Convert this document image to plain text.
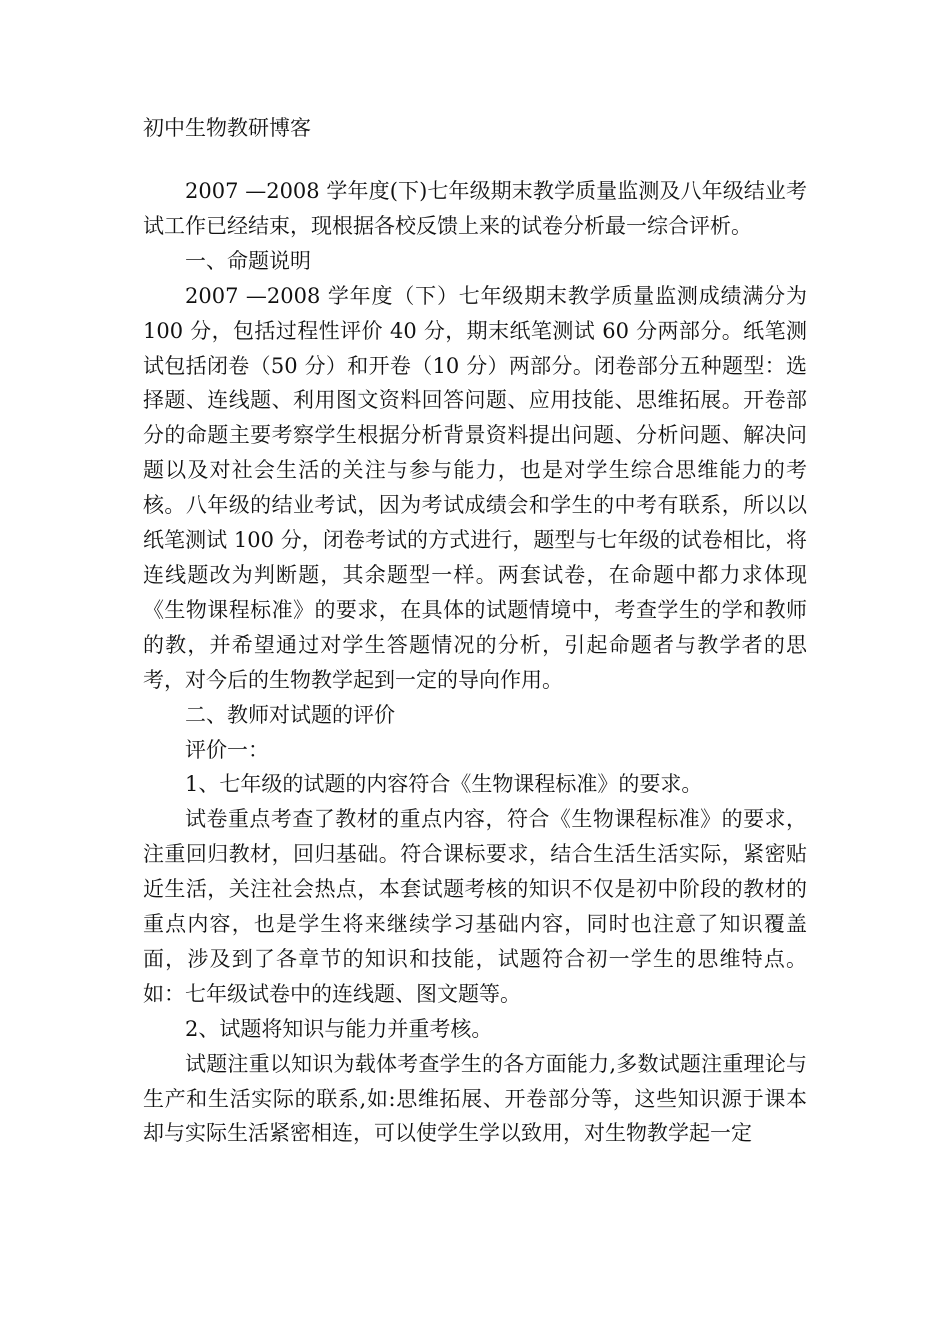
初中生物教研博客

2007 —2008 学年度(下)七年级期末教学质量监测及八年级结业考试工作已经结束，现根据各校反馈上来的试卷分析最一综合评析。

一、命题说明

2007 —2008 学年度（下）七年级期末教学质量监测成绩满分为 100 分，包括过程性评价 40 分，期末纸笔测试 60 分两部分。纸笔测试包括闭卷（50 分）和开卷（10 分）两部分。闭卷部分五种题型：选择题、连线题、利用图文资料回答问题、应用技能、思维拓展。开卷部分的命题主要考察学生根据分析背景资料提出问题、分析问题、解决问题以及对社会生活的关注与参与能力，也是对学生综合思维能力的考核。八年级的结业考试，因为考试成绩会和学生的中考有联系，所以以纸笔测试 100 分，闭卷考试的方式进行，题型与七年级的试卷相比，将连线题改为判断题，其余题型一样。两套试卷，在命题中都力求体现《生物课程标准》的要求，在具体的试题情境中，考查学生的学和教师的教，并希望通过对学生答题情况的分析，引起命题者与教学者的思考，对今后的生物教学起到一定的导向作用。

二、教师对试题的评价

评价一：

1、七年级的试题的内容符合《生物课程标准》的要求。

试卷重点考查了教材的重点内容，符合《生物课程标准》的要求，注重回归教材，回归基础。符合课标要求，结合生活生活实际，紧密贴近生活，关注社会热点，本套试题考核的知识不仅是初中阶段的教材的重点内容，也是学生将来继续学习基础内容，同时也注意了知识覆盖面，涉及到了各章节的知识和技能，试题符合初一学生的思维特点。如：七年级试卷中的连线题、图文题等。

2、试题将知识与能力并重考核。

试题注重以知识为载体考查学生的各方面能力,多数试题注重理论与生产和生活实际的联系,如:思维拓展、开卷部分等，这些知识源于课本却与实际生活紧密相连，可以使学生学以致用，对生物教学起一定
